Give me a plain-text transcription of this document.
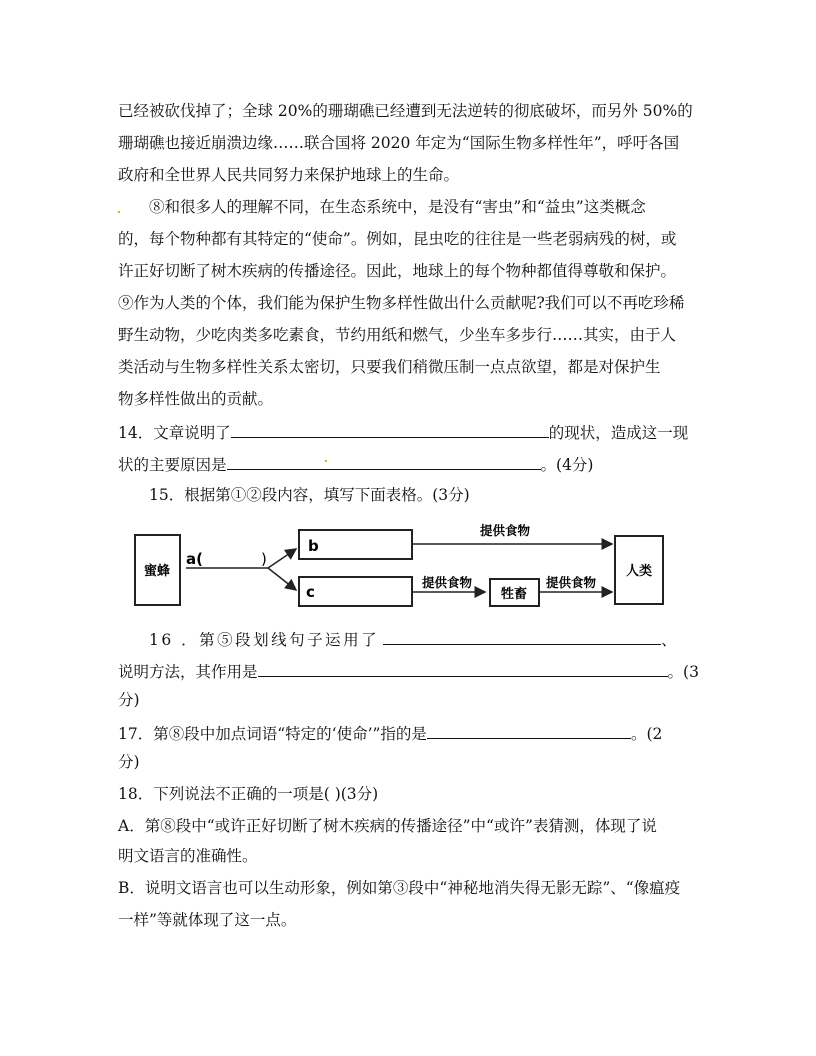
已经被砍伐掉了；全球 20%的珊瑚礁已经遭到无法逆转的彻底破坏，而另外 50%的
珊瑚礁也接近崩溃边缘……联合国将 2020 年定为“国际生物多样性年”，呼吁各国
政府和全世界人民共同努力来保护地球上的生命。
⑧和很多人的理解不同，在生态系统中，是没有“害虫”和“益虫”这类概念
的，每个物种都有其特定的“使命”。例如，昆虫吃的往往是一些老弱病残的树，或
许正好切断了树木疾病的传播途径。因此，地球上的每个物种都值得尊敬和保护。
⑨作为人类的个体，我们能为保护生物多样性做出什么贡献呢?我们可以不再吃珍稀
野生动物，少吃肉类多吃素食，节约用纸和燃气，少坐车多步行……其实，由于人
类活动与生物多样性关系太密切，只要我们稍微压制一点点欲望，都是对保护生
物多样性做出的贡献。
14．文章说明了	的现状，造成这一现
状的主要原因是	。(4分)
15．根据第①②段内容，填写下面表格。(3分)
蜜蜂
a(	)
b
c
提供食物
提供食物
牲畜
提供食物
人类
16 ．第⑤段划线句子运用了	、
说明方法，其作用是	。(3
分)
17．第⑧段中加点词语“特定的‘使命’”指的是	。(2
分)
18．下列说法不正确的一项是( )(3分)
A．第⑧段中“或许正好切断了树木疾病的传播途径”中“或许”表猜测，体现了说
明文语言的准确性。
B．说明文语言也可以生动形象，例如第③段中“神秘地消失得无影无踪”、“像瘟疫
一样”等就体现了这一点。
